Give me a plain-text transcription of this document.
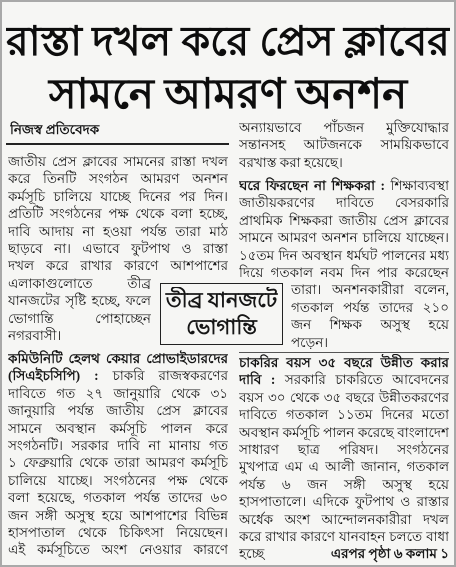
রাস্তা দখল করে প্রেস ক্লাবের
সামনে আমরণ অনশন
নিজস্ব প্রতিবেদক
জাতীয় প্রেস ক্লাবের সামনের রাস্তা দখল
করে তিনটি সংগঠন আমরণ অনশন
কর্মসূচি চালিয়ে যাচ্ছে দিনের পর দিন।
প্রতিটি সংগঠনের পক্ষ থেকে বলা হচ্ছে,
দাবি আদায় না হওয়া পর্যন্ত তারা মাঠ
ছাড়বে না। এভাবে ফুটপাথ ও রাস্তা
দখল করে রাখার কারণে আশপাশের
এলাকাগুলোতে তীব্র
যানজটের সৃষ্টি হচ্ছে, ফলে
ভোগান্তি পোহাচ্ছেন
নগরবাসী।
কমিউনিটি হেলথ কেয়ার প্রোভাইডারদের
(সিএইচসিপি) : চাকরি রাজস্বকরণের
দাবিতে গত ২৭ জানুয়ারি থেকে ৩১
জানুয়ারি পর্যন্ত জাতীয় প্রেস ক্লাবের
সামনে অবস্থান কর্মসূচি পালন করে
সংগঠনটি। সরকার দাবি না মানায় গত
১ ফেব্রুয়ারি থেকে তারা আমরণ কর্মসূচি
চালিয়ে যাচ্ছে। সংগঠনের পক্ষ থেকে
বলা হয়েছে, গতকাল পর্যন্ত তাদের ৬০
জন সঙ্গী অসুস্থ হয়ে আশপাশের বিভিন্ন
হাসপাতাল থেকে চিকিৎসা নিয়েছেন।
এই কর্মসূচিতে অংশ নেওয়ার কারণে
অন্যায়ভাবে পাঁচজন মুক্তিযোদ্ধার
সন্তানসহ আটজনকে সাময়িকভাবে
বরখাস্ত করা হয়েছে।
ঘরে ফিরছেন না শিক্ষকরা : শিক্ষাব্যবস্থা
জাতীয়করণের দাবিতে বেসরকারি
প্রাথমিক শিক্ষকরা জাতীয় প্রেস ক্লাবের
সামনে আমরণ অনশন চালিয়ে যাচ্ছেন।
১৫তম দিন অবস্থান ধর্মঘট পালনের মধ্য
দিয়ে গতকাল নবম দিন পার করেছেন
তারা। অনশনকারীরা বলেন,
গতকাল পর্যন্ত তাদের ২১০
জন শিক্ষক অসুস্থ হয়ে
পড়েন।
চাকরির বয়স ৩৫ বছরে উন্নীত করার
দাবি : সরকারি চাকরিতে আবেদনের
বয়স ৩০ থেকে ৩৫ বছরে উন্নীতকরণের
দাবিতে গতকাল ১১তম দিনের মতো
অবস্থান কর্মসূচি পালন করেছে বাংলাদেশ
সাধারণ ছাত্র পরিষদ। সংগঠনের
মুখপাত্র এম এ আলী জানান, গতকাল
পর্যন্ত ৬ জন সঙ্গী অসুস্থ হয়ে
হাসপাতালে। এদিকে ফুটপাথ ও রাস্তার
অর্ধেক অংশ আন্দোলনকারীরা দখল
করে রাখার কারণে যানবাহন চলতে বাধা
হচ্ছে	এরপর পৃষ্ঠা ৬ কলাম ১
তীব্র যানজটে
ভোগান্তি
